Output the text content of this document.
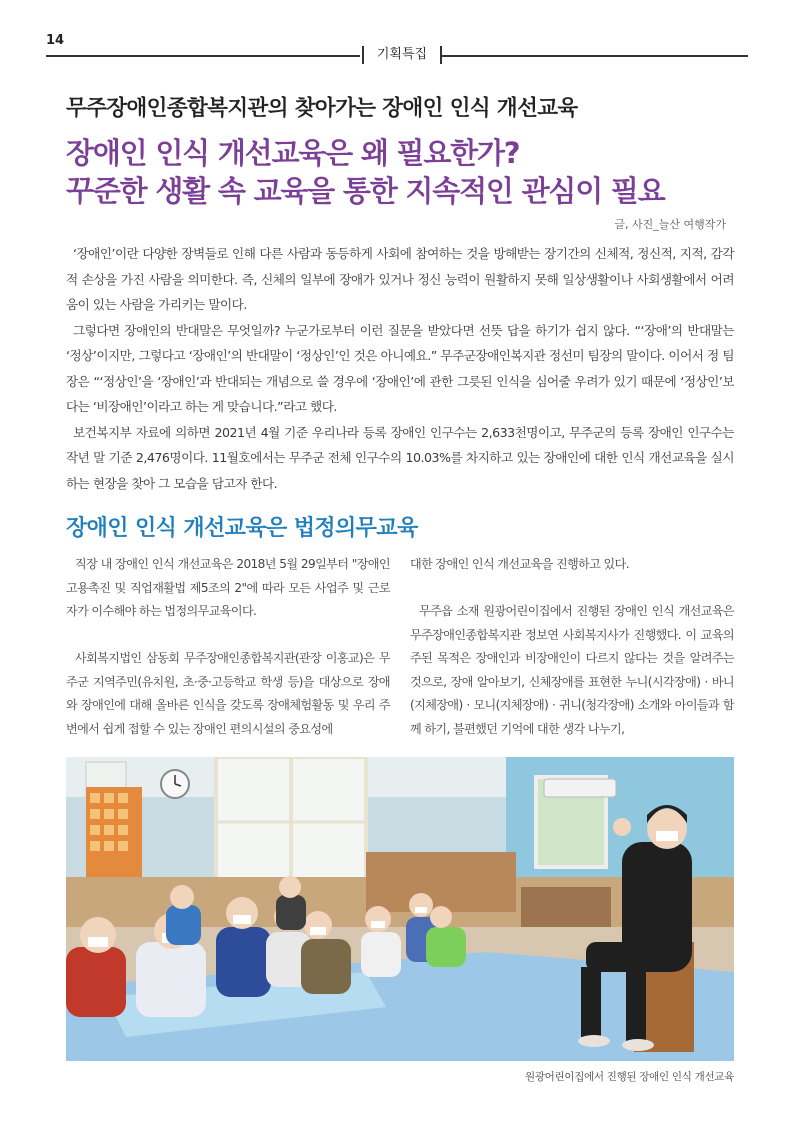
14
기획특집
무주장애인종합복지관의 찾아가는 장애인 인식 개선교육
장애인 인식 개선교육은 왜 필요한가?
꾸준한 생활 속 교육을 통한 지속적인 관심이 필요
글, 사진_늘산 여행작가

‘장애인’이란 다양한 장벽들로 인해 다른 사람과 동등하게 사회에 참여하는 것을 방해받는 장기간의 신체적, 정신적, 지적, 감각적 손상을 가진 사람을 의미한다. 즉, 신체의 일부에 장애가 있거나 정신 능력이 원활하지 못해 일상생활이나 사회생활에서 어려움이 있는 사람을 가리키는 말이다.

그렇다면 장애인의 반대말은 무엇일까? 누군가로부터 이런 질문을 받았다면 선뜻 답을 하기가 쉽지 않다. “‘장애’의 반대말는 ‘정상’이지만, 그렇다고 ‘장애인’의 반대말이 ‘정상인’인 것은 아니예요.” 무주군장애인복지관 정선미 팀장의 말이다. 이어서 정 팀장은 “‘정상인’을 ‘장애인’과 반대되는 개념으로 쓸 경우에 ‘장애인’에 관한 그릇된 인식을 심어줄 우려가 있기 때문에 ‘정상인’보다는 ‘비장애인’이라고 하는 게 맞습니다.”라고 했다.

보건복지부 자료에 의하면 2021년 4월 기준 우리나라 등록 장애인 인구수는 2,633천명이고, 무주군의 등록 장애인 인구수는 작년 말 기준 2,476명이다. 11월호에서는 무주군 전체 인구수의 10.03%를 차지하고 있는 장애인에 대한 인식 개선교육을 실시하는 현장을 찾아 그 모습을 담고자 한다.

장애인 인식 개선교육은 법정의무교육

직장 내 장애인 인식 개선교육은 2018년 5월 29일부터 "장애인고용촉진 및 직업재활법 제5조의 2"에 따라 모든 사업주 및 근로자가 이수해야 하는 법정의무교육이다.

사회복지법인 삼동회 무주장애인종합복지관(관장 이홍교)은 무주군 지역주민(유치원, 초·중·고등학교 학생 등)을 대상으로 장애와 장애인에 대해 올바른 인식을 갖도록 장애체험활동 및 우리 주변에서 쉽게 접할 수 있는 장애인 편의시설의 중요성에

대한 장애인 인식 개선교육을 진행하고 있다.

무주읍 소재 원광어린이집에서 진행된 장애인 인식 개선교육은 무주장애인종합복지관 정보연 사회복지사가 진행했다. 이 교육의 주된 목적은 장애인과 비장애인이 다르지 않다는 것을 알려주는 것으로, 장애 알아보기, 신체장애를 표현한 누니(시각장애) · 바니(지체장애) · 모니(지체장애) · 귀니(청각장애) 소개와 아이들과 함께 하기, 불편했던 기억에 대한 생각 나누기,

원광어린이집에서 진행된 장애인 인식 개선교육
